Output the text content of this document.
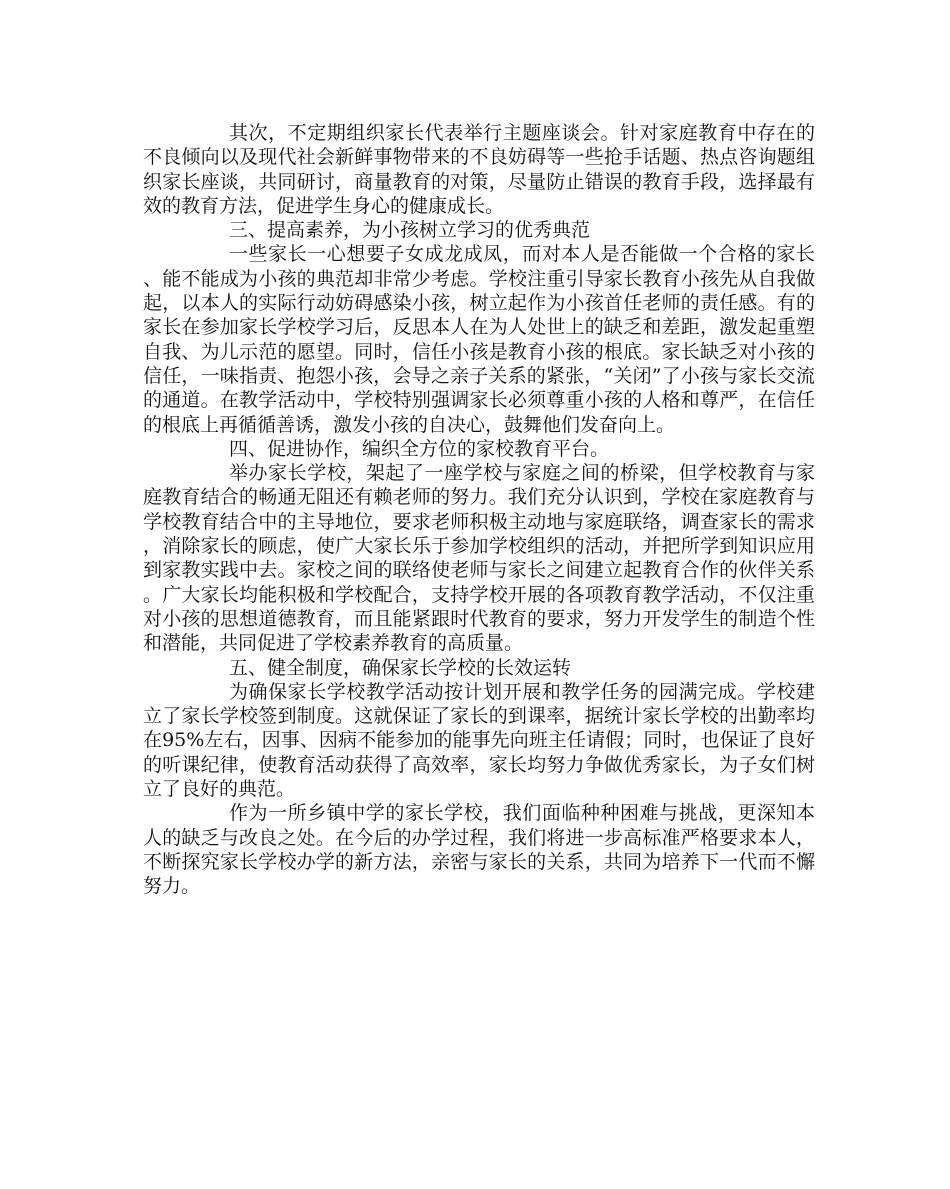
其次，不定期组织家长代表举行主题座谈会。针对家庭教育中存在的不良倾向以及现代社会新鲜事物带来的不良妨碍等一些抢手话题、热点咨询题组织家长座谈，共同研讨，商量教育的对策，尽量防止错误的教育手段，选择最有效的教育方法，促进学生身心的健康成长。

三、提高素养，为小孩树立学习的优秀典范

一些家长一心想要子女成龙成凤，而对本人是否能做一个合格的家长、能不能成为小孩的典范却非常少考虑。学校注重引导家长教育小孩先从自我做起，以本人的实际行动妨碍感染小孩，树立起作为小孩首任老师的责任感。有的家长在参加家长学校学习后，反思本人在为人处世上的缺乏和差距，激发起重塑自我、为儿示范的愿望。同时，信任小孩是教育小孩的根底。家长缺乏对小孩的信任，一味指责、抱怨小孩，会导之亲子关系的紧张，“关闭”了小孩与家长交流的通道。在教学活动中，学校特别强调家长必须尊重小孩的人格和尊严，在信任的根底上再循循善诱，激发小孩的自决心，鼓舞他们发奋向上。

四、促进协作，编织全方位的家校教育平台。

举办家长学校，架起了一座学校与家庭之间的桥梁，但学校教育与家庭教育结合的畅通无阻还有赖老师的努力。我们充分认识到，学校在家庭教育与学校教育结合中的主导地位，要求老师积极主动地与家庭联络，调查家长的需求，消除家长的顾虑，使广大家长乐于参加学校组织的活动，并把所学到知识应用到家教实践中去。家校之间的联络使老师与家长之间建立起教育合作的伙伴关系。广大家长均能积极和学校配合，支持学校开展的各项教育教学活动，不仅注重对小孩的思想道德教育，而且能紧跟时代教育的要求，努力开发学生的制造个性和潜能，共同促进了学校素养教育的高质量。

五、健全制度，确保家长学校的长效运转

为确保家长学校教学活动按计划开展和教学任务的园满完成。学校建立了家长学校签到制度。这就保证了家长的到课率，据统计家长学校的出勤率均在95%左右，因事、因病不能参加的能事先向班主任请假；同时，也保证了良好的听课纪律，使教育活动获得了高效率，家长均努力争做优秀家长，为子女们树立了良好的典范。

作为一所乡镇中学的家长学校，我们面临种种困难与挑战，更深知本人的缺乏与改良之处。在今后的办学过程，我们将进一步高标准严格要求本人，不断探究家长学校办学的新方法，亲密与家长的关系，共同为培养下一代而不懈努力。
